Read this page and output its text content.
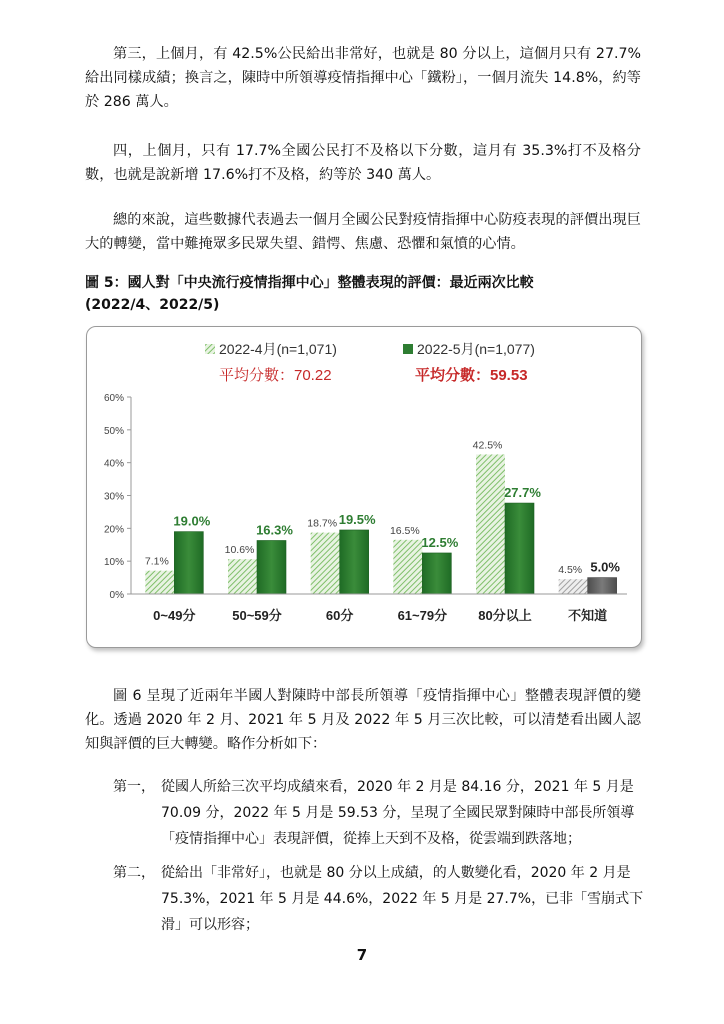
第三，上個月，有 42.5%公民給出非常好，也就是 80 分以上，這個月只有 27.7%給出同樣成績；換言之，陳時中所領導疫情指揮中心「鐵粉」，一個月流失 14.8%，約等於 286 萬人。

四，上個月，只有 17.7%全國公民打不及格以下分數，這月有 35.3%打不及格分數，也就是說新增 17.6%打不及格，約等於 340 萬人。

總的來說，這些數據代表過去一個月全國公民對疫情指揮中心防疫表現的評價出現巨大的轉變，當中難掩眾多民眾失望、錯愕、焦慮、恐懼和氣憤的心情。

圖 5：國人對「中央流行疫情指揮中心」整體表現的評價：最近兩次比較
(2022/4、2022/5)
2022-4月(n=1,071)	2022-5月(n=1,077)
平均分數：70.22	平均分數：59.53
0%
10%
20%
30%
40%
50%
60%
7.1%
19.0%
10.6%
16.3% 18.7% 19.5%
16.5%
12.5%
42.5%
27.7%
4.5% 5.0%
0~49分	50~59分	60分	61~79分 80分以上	不知道

圖 6 呈現了近兩年半國人對陳時中部長所領導「疫情指揮中心」整體表現評價的變化。透過 2020 年 2 月、2021 年 5 月及 2022 年 5 月三次比較，可以清楚看出國人認知與評價的巨大轉變。略作分析如下：

第一， 從國人所給三次平均成績來看，2020 年 2 月是 84.16 分，2021 年 5 月是
70.09 分，2022 年 5 月是 59.53 分，呈現了全國民眾對陳時中部長所領導「疫情指揮中心」表現評價，從捧上天到不及格，從雲端到跌落地；
第二， 從給出「非常好」，也就是 80 分以上成績，的人數變化看，2020 年 2 月是
75.3%，2021 年 5 月是 44.6%，2022 年 5 月是 27.7%，已非「雪崩式下滑」可以形容；
7
